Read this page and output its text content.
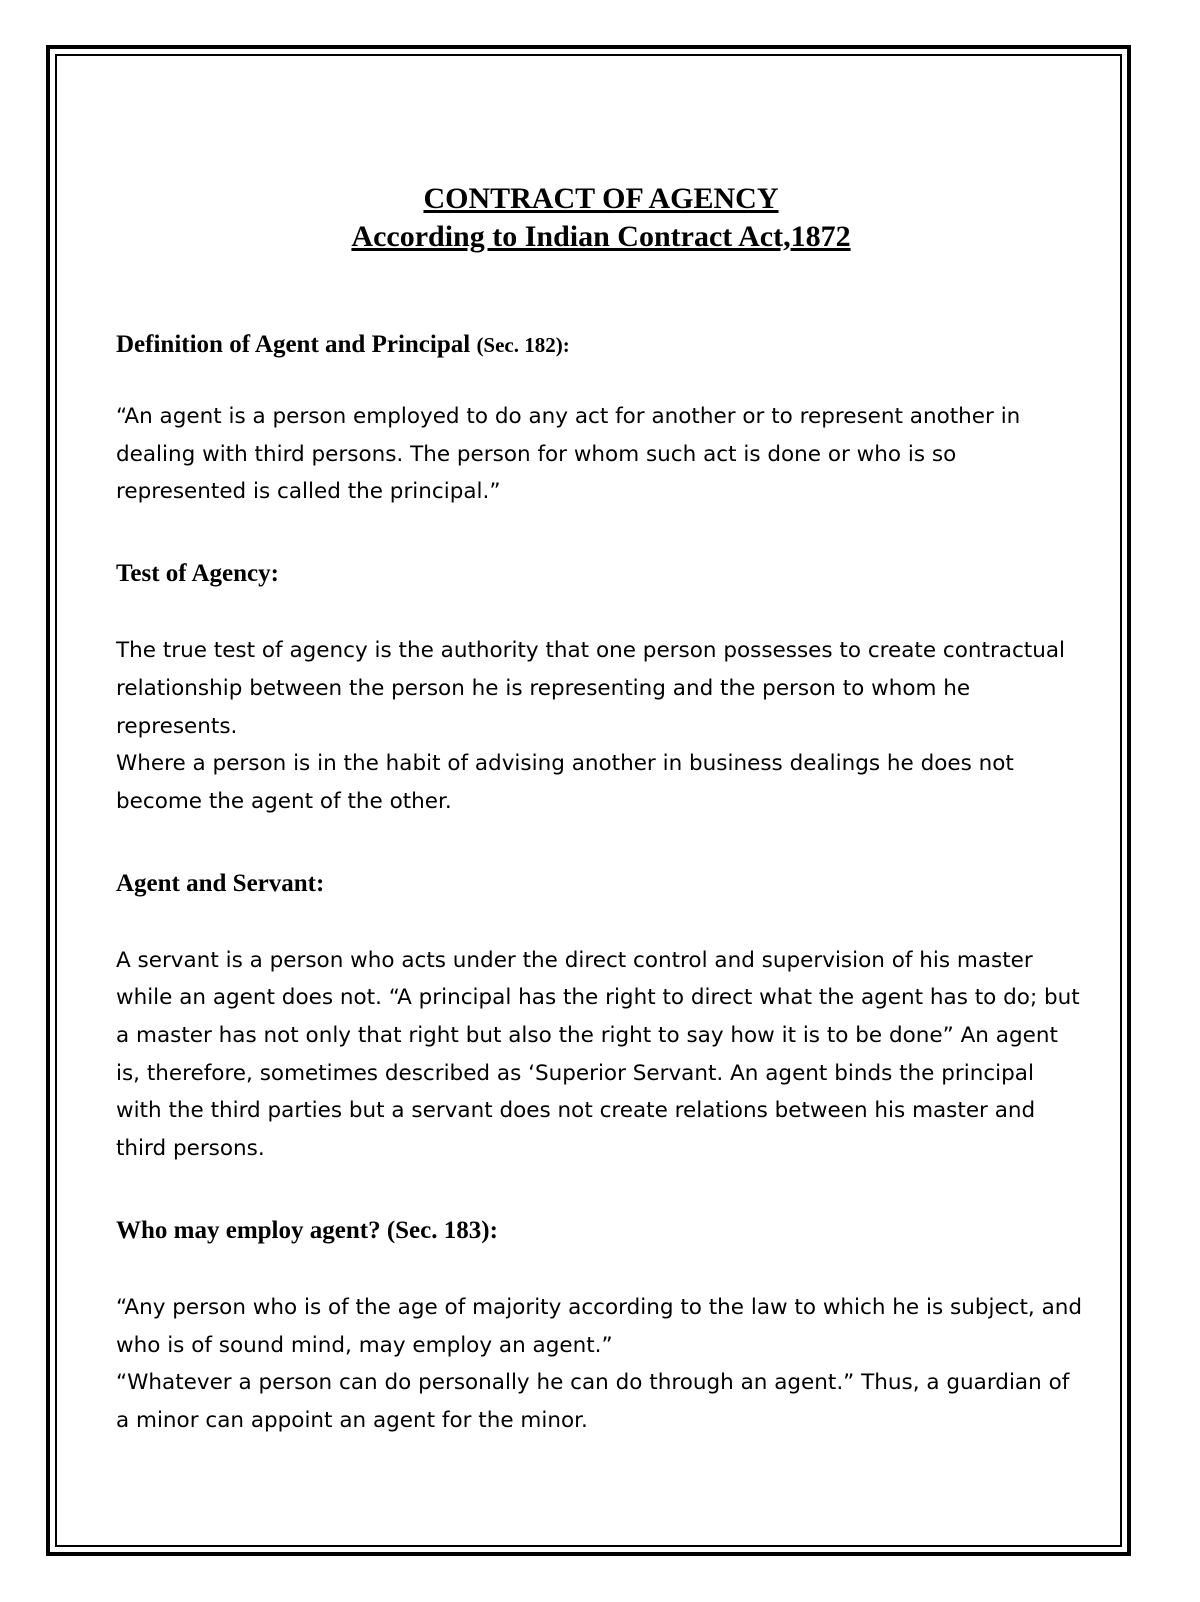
CONTRACT OF AGENCY

According to Indian Contract Act,1872

Definition of Agent and Principal (Sec. 182):

“An agent is a person employed to do any act for another or to represent another in dealing with third persons. The person for whom such act is done or who is so represented is called the principal.”

Test of Agency:

The true test of agency is the authority that one person possesses to create contractual relationship between the person he is representing and the person to whom he represents.

Where a person is in the habit of advising another in business dealings he does not become the agent of the other.

Agent and Servant:

A servant is a person who acts under the direct control and supervision of his master while an agent does not. “A principal has the right to direct what the agent has to do; but a master has not only that right but also the right to say how it is to be done” An agent is, therefore, sometimes described as ‘Superior Servant. An agent binds the principal with the third parties but a servant does not create relations between his master and third persons.

Who may employ agent? (Sec. 183):

“Any person who is of the age of majority according to the law to which he is subject, and who is of sound mind, may employ an agent.”

“Whatever a person can do personally he can do through an agent.” Thus, a guardian of a minor can appoint an agent for the minor.
